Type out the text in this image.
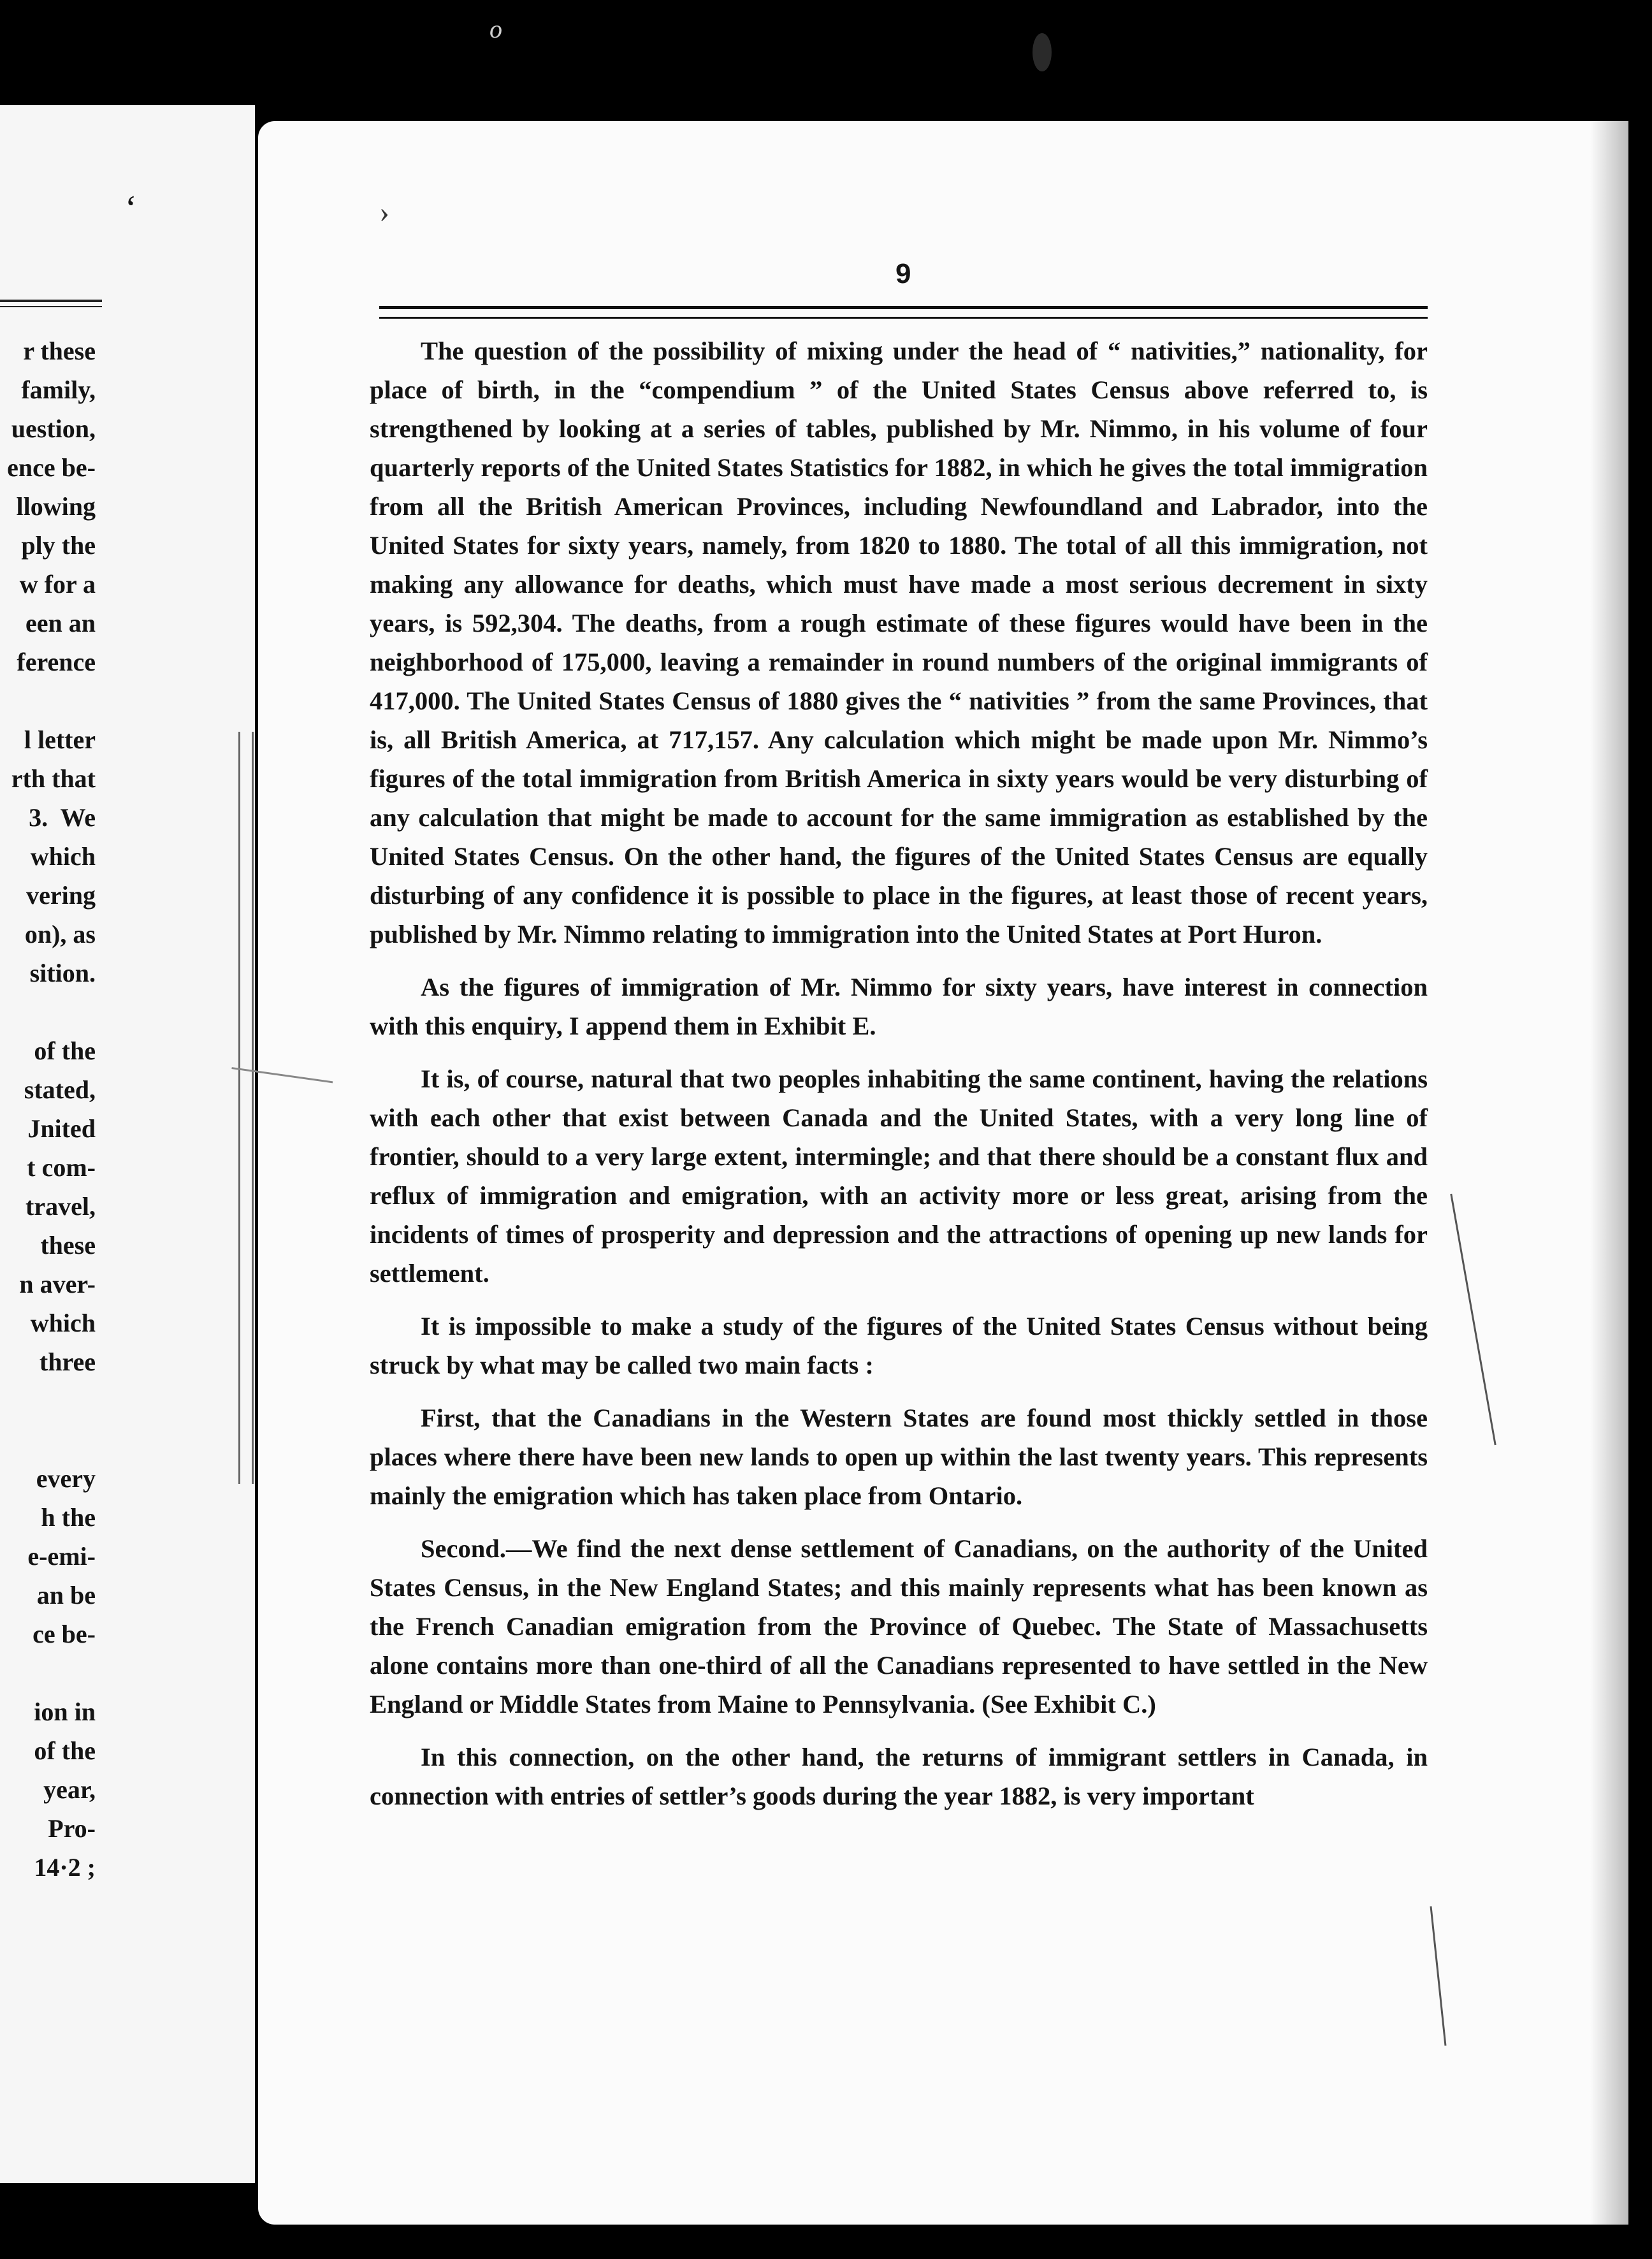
o
‘
r these
family,
uestion,
ence be-
llowing
ply the
w for a
een an
ference

l letter
rth that
3.  We
which
vering
on), as
sition.

of the
stated,
Jnited
t com-
travel,
these
n aver-
which
three

every
h the
e-emi-
an be
ce be-

ion in
of the
year,
Pro-
14·2 ;
›
9

The question of the possibility of mixing under the head of “ nativities,” nationality, for place of birth, in the “compendium ” of the United States Census above referred to, is strengthened by looking at a series of tables, published by Mr. Nimmo, in his volume of four quarterly reports of the United States Statistics for 1882, in which he gives the total immigration from all the British American Provinces, including Newfoundland and Labrador, into the United States for sixty years, namely, from 1820 to 1880. The total of all this immigration, not making any allowance for deaths, which must have made a most serious decrement in sixty years, is 592,304. The deaths, from a rough estimate of these figures would have been in the neighborhood of 175,000, leaving a remainder in round numbers of the original immigrants of 417,000. The United States Census of 1880 gives the “ nativities ” from the same Provinces, that is, all British America, at 717,157. Any calculation which might be made upon Mr. Nimmo’s figures of the total immigration from British America in sixty years would be very disturbing of any calculation that might be made to account for the same immigration as established by the United States Census. On the other hand, the figures of the United States Census are equally disturbing of any confidence it is possible to place in the figures, at least those of recent years, published by Mr. Nimmo relating to immigration into the United States at Port Huron.

As the figures of immigration of Mr. Nimmo for sixty years, have interest in connection with this enquiry, I append them in Exhibit E.

It is, of course, natural that two peoples inhabiting the same continent, having the relations with each other that exist between Canada and the United States, with a very long line of frontier, should to a very large extent, intermingle; and that there should be a constant flux and reflux of immigration and emigration, with an activity more or less great, arising from the incidents of times of prosperity and depression and the attractions of opening up new lands for settlement.

It is impossible to make a study of the figures of the United States Census without being struck by what may be called two main facts :

First, that the Canadians in the Western States are found most thickly settled in those places where there have been new lands to open up within the last twenty years. This represents mainly the emigration which has taken place from Ontario.

Second.—We find the next dense settlement of Canadians, on the authority of the United States Census, in the New England States; and this mainly represents what has been known as the French Canadian emigration from the Province of Quebec. The State of Massachusetts alone contains more than one-third of all the Canadians represented to have settled in the New England or Middle States from Maine to Pennsylvania. (See Exhibit C.)

In this connection, on the other hand, the returns of immigrant settlers in Canada, in connection with entries of settler’s goods during the year 1882, is very important
